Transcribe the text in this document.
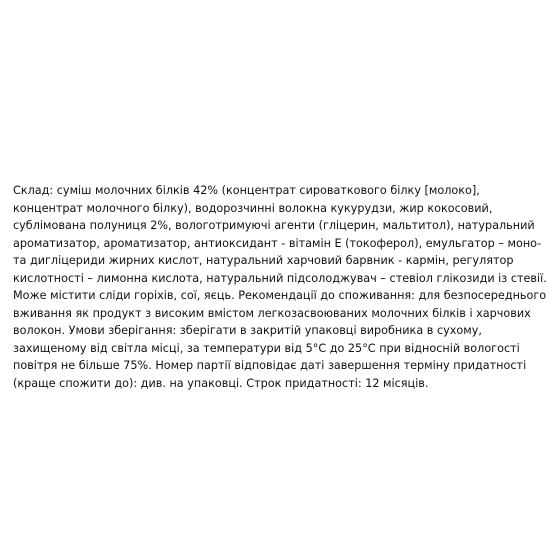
Склад: суміш молочних білків 42% (концентрат сироваткового білку [молоко],
концентрат молочного білку), водорозчинні волокна кукурудзи, жир кокосовий,
сублімована полуниця 2%, вологотримуючі агенти (гліцерин, мальтитол), натуральний
ароматизатор, ароматизатор, антиоксидант - вітамін Е (токоферол), емульгатор – моно-
та дигліцериди жирних кислот, натуральний харчовий барвник - кармін, регулятор
кислотності – лимонна кислота, натуральний підсолоджувач – стевіол глікозиди із стевії.
Може містити сліди горіхів, сої, яєць. Рекомендації до споживання: для безпосереднього
вживання як продукт з високим вмістом легкозасвоюваних молочних білків і харчових
волокон. Умови зберігання: зберігати в закритій упаковці виробника в сухому,
захищеному від світла місці, за температури від 5°С до 25°С при відносній вологості
повітря не більше 75%. Номер партії відповідає даті завершення терміну придатності
(краще спожити до): див. на упаковці. Строк придатності: 12 місяців.
